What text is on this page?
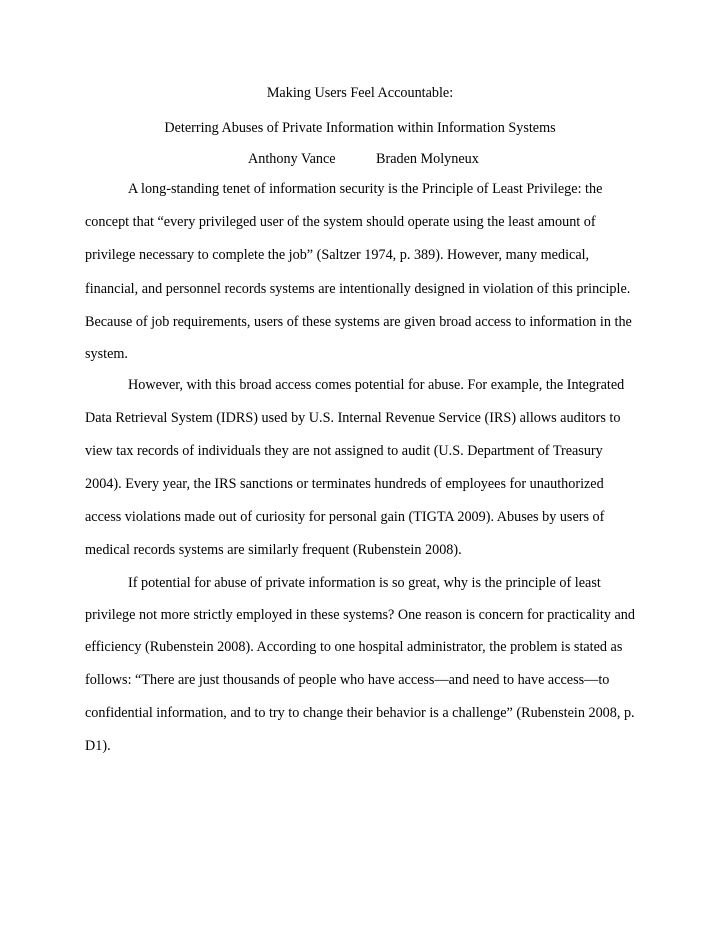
Making Users Feel Accountable:
Deterring Abuses of Private Information within Information Systems
Anthony Vance	Braden Molyneux
A long-standing tenet of information security is the Principle of Least Privilege: the
concept that “every privileged user of the system should operate using the least amount of
privilege necessary to complete the job” (Saltzer 1974, p. 389). However, many medical,
financial, and personnel records systems are intentionally designed in violation of this principle.
Because of job requirements, users of these systems are given broad access to information in the
system.
However, with this broad access comes potential for abuse. For example, the Integrated
Data Retrieval System (IDRS) used by U.S. Internal Revenue Service (IRS) allows auditors to
view tax records of individuals they are not assigned to audit (U.S. Department of Treasury
2004). Every year, the IRS sanctions or terminates hundreds of employees for unauthorized
access violations made out of curiosity for personal gain (TIGTA 2009). Abuses by users of
medical records systems are similarly frequent (Rubenstein 2008).
If potential for abuse of private information is so great, why is the principle of least
privilege not more strictly employed in these systems? One reason is concern for practicality and
efficiency (Rubenstein 2008). According to one hospital administrator, the problem is stated as
follows: “There are just thousands of people who have access—and need to have access—to
confidential information, and to try to change their behavior is a challenge” (Rubenstein 2008, p.
D1).
